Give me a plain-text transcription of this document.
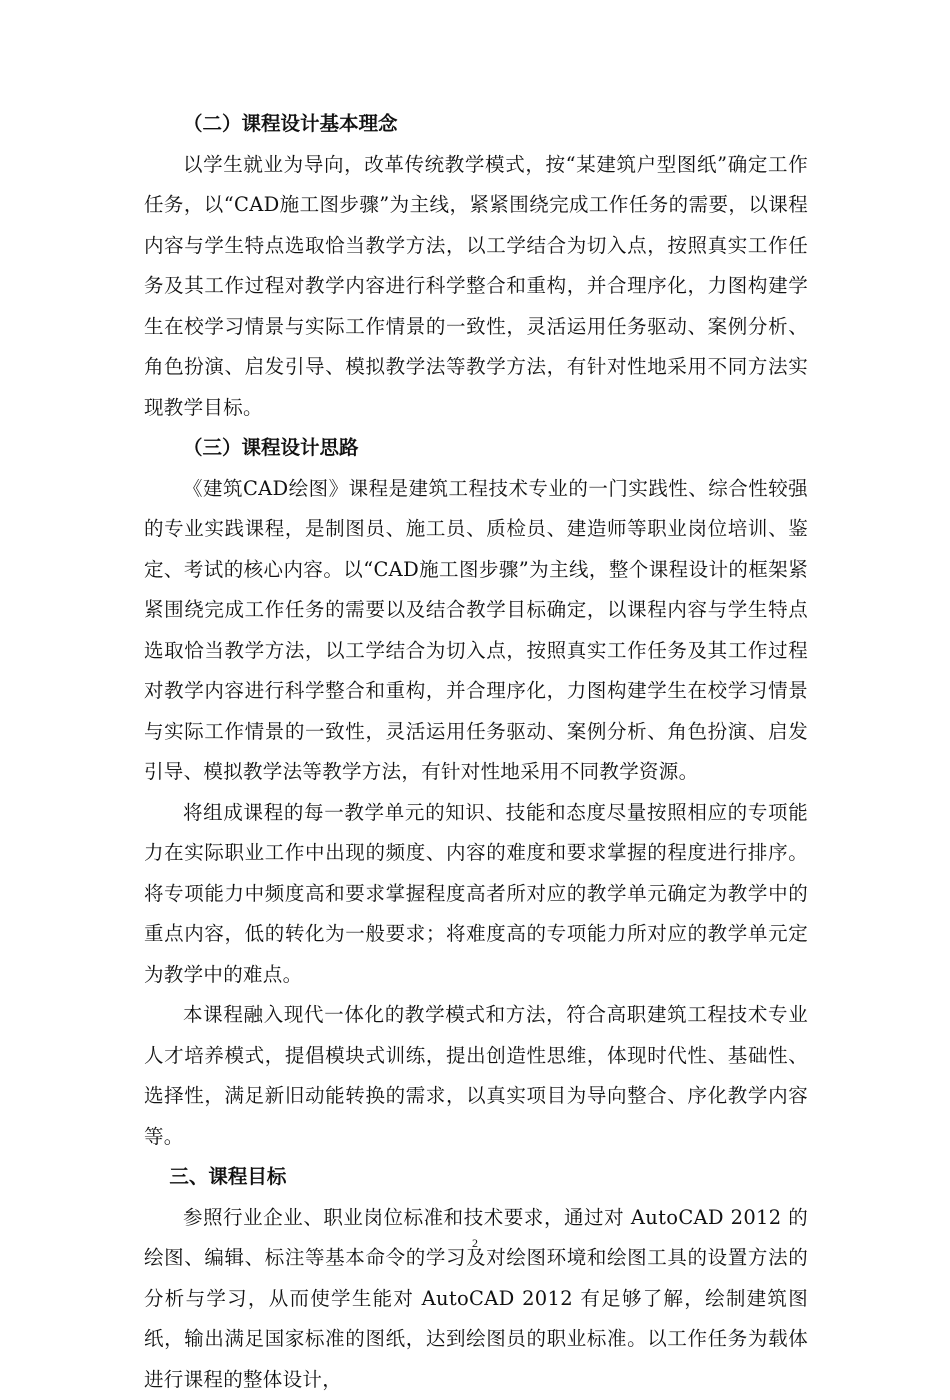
（二）课程设计基本理念

以学生就业为导向，改革传统教学模式，按“某建筑户型图纸”确定工作任务，以“CAD施工图步骤”为主线，紧紧围绕完成工作任务的需要，以课程内容与学生特点选取恰当教学方法，以工学结合为切入点，按照真实工作任务及其工作过程对教学内容进行科学整合和重构，并合理序化，力图构建学生在校学习情景与实际工作情景的一致性，灵活运用任务驱动、案例分析、角色扮演、启发引导、模拟教学法等教学方法，有针对性地采用不同方法实现教学目标。

（三）课程设计思路

《建筑CAD绘图》课程是建筑工程技术专业的一门实践性、综合性较强的专业实践课程，是制图员、施工员、质检员、建造师等职业岗位培训、鉴定、考试的核心内容。以“CAD施工图步骤”为主线，整个课程设计的框架紧紧围绕完成工作任务的需要以及结合教学目标确定，以课程内容与学生特点选取恰当教学方法，以工学结合为切入点，按照真实工作任务及其工作过程对教学内容进行科学整合和重构，并合理序化，力图构建学生在校学习情景与实际工作情景的一致性，灵活运用任务驱动、案例分析、角色扮演、启发引导、模拟教学法等教学方法，有针对性地采用不同教学资源。

将组成课程的每一教学单元的知识、技能和态度尽量按照相应的专项能力在实际职业工作中出现的频度、内容的难度和要求掌握的程度进行排序。将专项能力中频度高和要求掌握程度高者所对应的教学单元确定为教学中的重点内容，低的转化为一般要求；将难度高的专项能力所对应的教学单元定为教学中的难点。

本课程融入现代一体化的教学模式和方法，符合高职建筑工程技术专业人才培养模式，提倡模块式训练，提出创造性思维，体现时代性、基础性、选择性，满足新旧动能转换的需求，以真实项目为导向整合、序化教学内容等。

三、课程目标

参照行业企业、职业岗位标准和技术要求，通过对 AutoCAD 2012 的绘图、编辑、标注等基本命令的学习及对绘图环境和绘图工具的设置方法的分析与学习，从而使学生能对 AutoCAD 2012 有足够了解，绘制建筑图纸，输出满足国家标准的图纸，达到绘图员的职业标准。以工作任务为载体进行课程的整体设计，

2
